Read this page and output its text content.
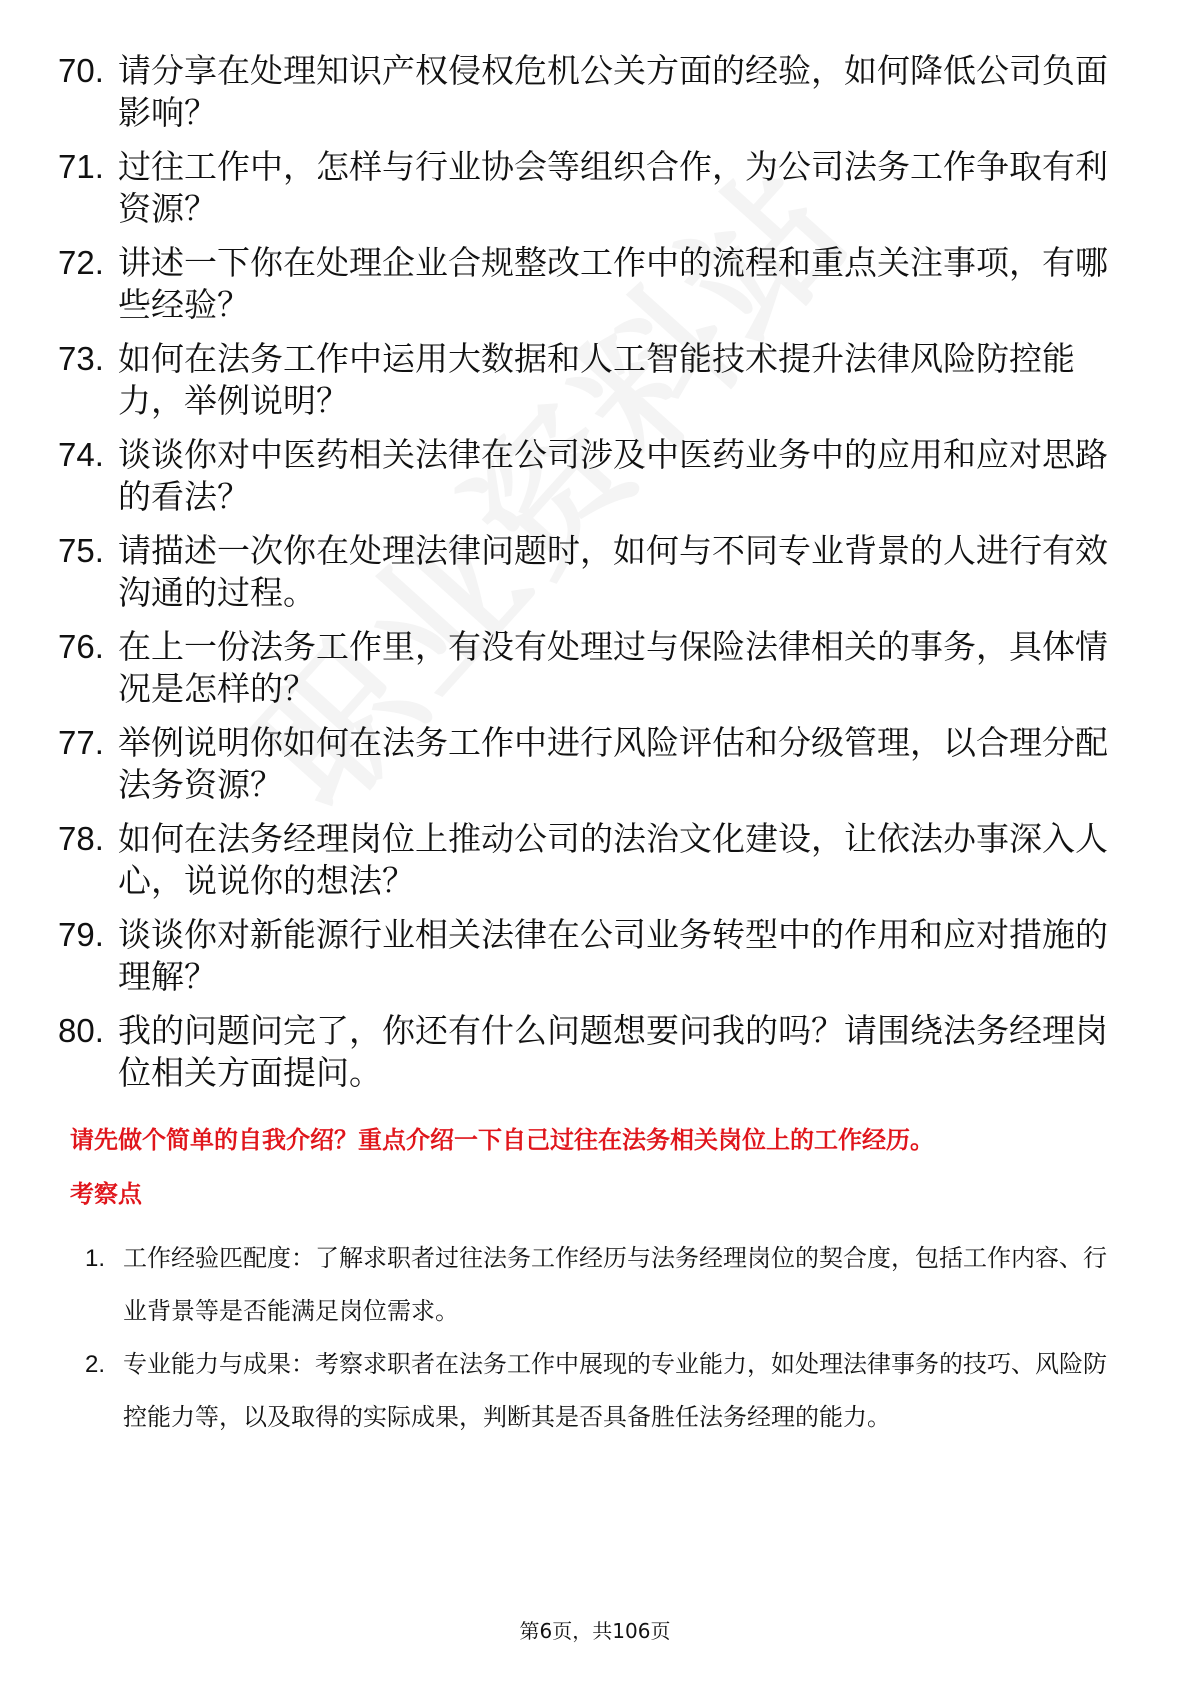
70. 请分享在处理知识产权侵权危机公关方面的经验，如何降低公司负面影响？
71. 过往工作中，怎样与行业协会等组织合作，为公司法务工作争取有利资源？
72. 讲述一下你在处理企业合规整改工作中的流程和重点关注事项，有哪些经验？
73. 如何在法务工作中运用大数据和人工智能技术提升法律风险防控能力，举例说明？
74. 谈谈你对中医药相关法律在公司涉及中医药业务中的应用和应对思路的看法？
75. 请描述一次你在处理法律问题时，如何与不同专业背景的人进行有效沟通的过程。
76. 在上一份法务工作里，有没有处理过与保险法律相关的事务，具体情况是怎样的？
77. 举例说明你如何在法务工作中进行风险评估和分级管理，以合理分配法务资源？
78. 如何在法务经理岗位上推动公司的法治文化建设，让依法办事深入人心，说说你的想法？
79. 谈谈你对新能源行业相关法律在公司业务转型中的作用和应对措施的理解？
80. 我的问题问完了，你还有什么问题想要问我的吗？请围绕法务经理岗位相关方面提问。

请先做个简单的自我介绍？重点介绍一下自己过往在法务相关岗位上的工作经历。

考察点

1. 工作经验匹配度：了解求职者过往法务工作经历与法务经理岗位的契合度，包括工作内容、行业背景等是否能满足岗位需求。
2. 专业能力与成果：考察求职者在法务工作中展现的专业能力，如处理法律事务的技巧、风险防控能力等，以及取得的实际成果，判断其是否具备胜任法务经理的能力。
第6页，共106页
